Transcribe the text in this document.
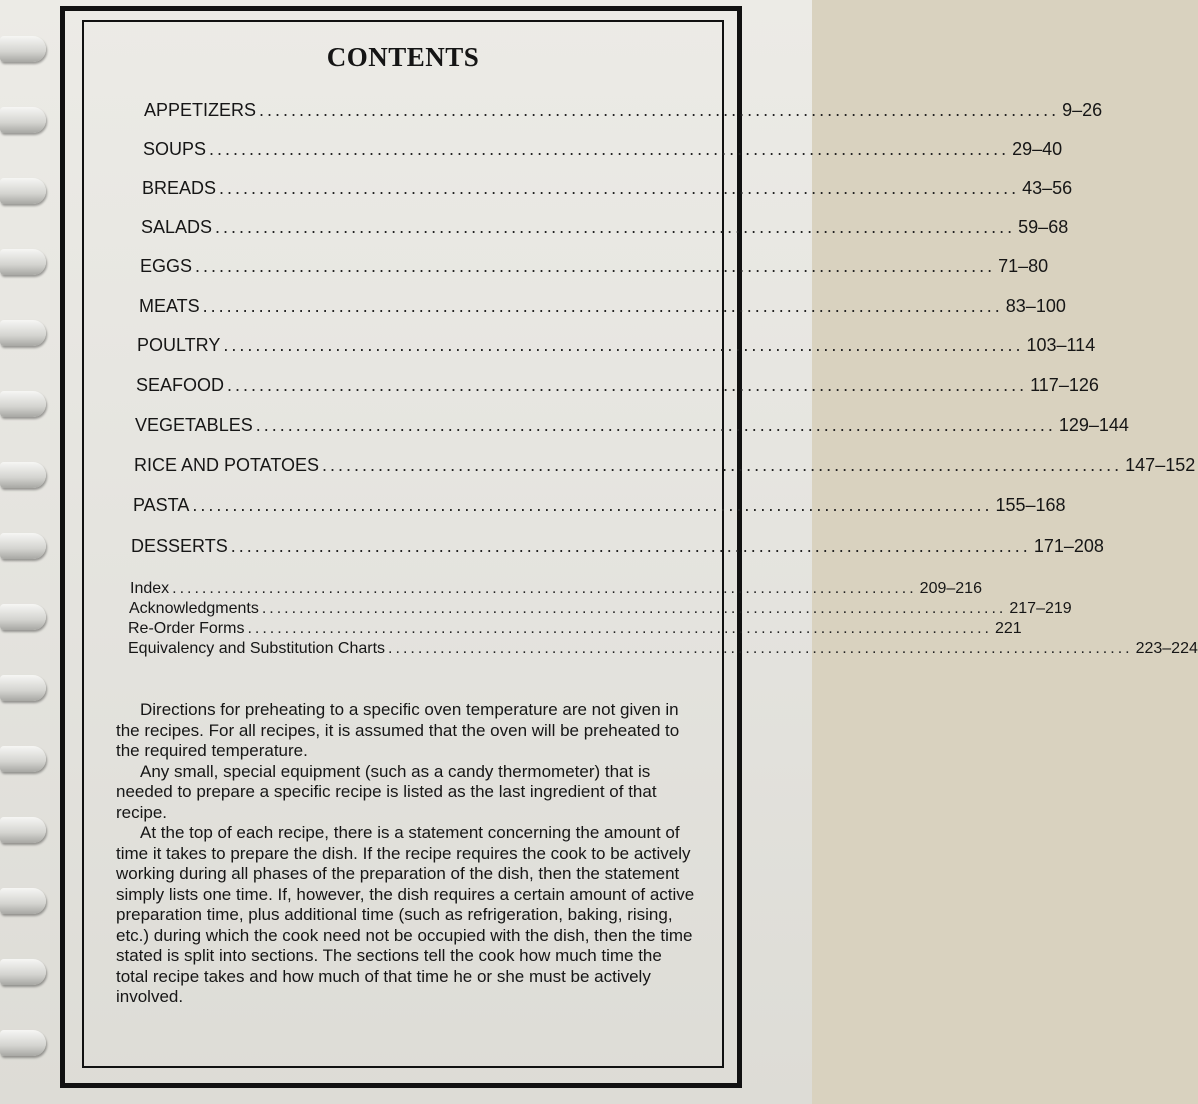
CONTENTS
APPETIZERS .................................................................................................... 9–26
SOUPS .................................................................................................... 29–40
BREADS .................................................................................................... 43–56
SALADS .................................................................................................... 59–68
EGGS .................................................................................................... 71–80
MEATS .................................................................................................... 83–100
POULTRY .................................................................................................... 103–114
SEAFOOD .................................................................................................... 117–126
VEGETABLES .................................................................................................... 129–144
RICE AND POTATOES .................................................................................................... 147–152
PASTA .................................................................................................... 155–168
DESSERTS .................................................................................................... 171–208
Index .................................................................................................... 209–216
Acknowledgments .................................................................................................... 217–219
Re-Order Forms .................................................................................................... 221
Equivalency and Substitution Charts .................................................................................................... 223–224

Directions for preheating to a specific oven temperature are not given in the recipes. For all recipes, it is assumed that the oven will be preheated to the required temperature.

Any small, special equipment (such as a candy thermometer) that is needed to prepare a specific recipe is listed as the last ingredient of that recipe.

At the top of each recipe, there is a statement concerning the amount of time it takes to prepare the dish. If the recipe requires the cook to be actively working during all phases of the preparation of the dish, then the statement simply lists one time. If, however, the dish requires a certain amount of active preparation time, plus additional time (such as refrigeration, baking, rising, etc.) during which the cook need not be occupied with the dish, then the time stated is split into sections. The sections tell the cook how much time the total recipe takes and how much of that time he or she must be actively involved.
